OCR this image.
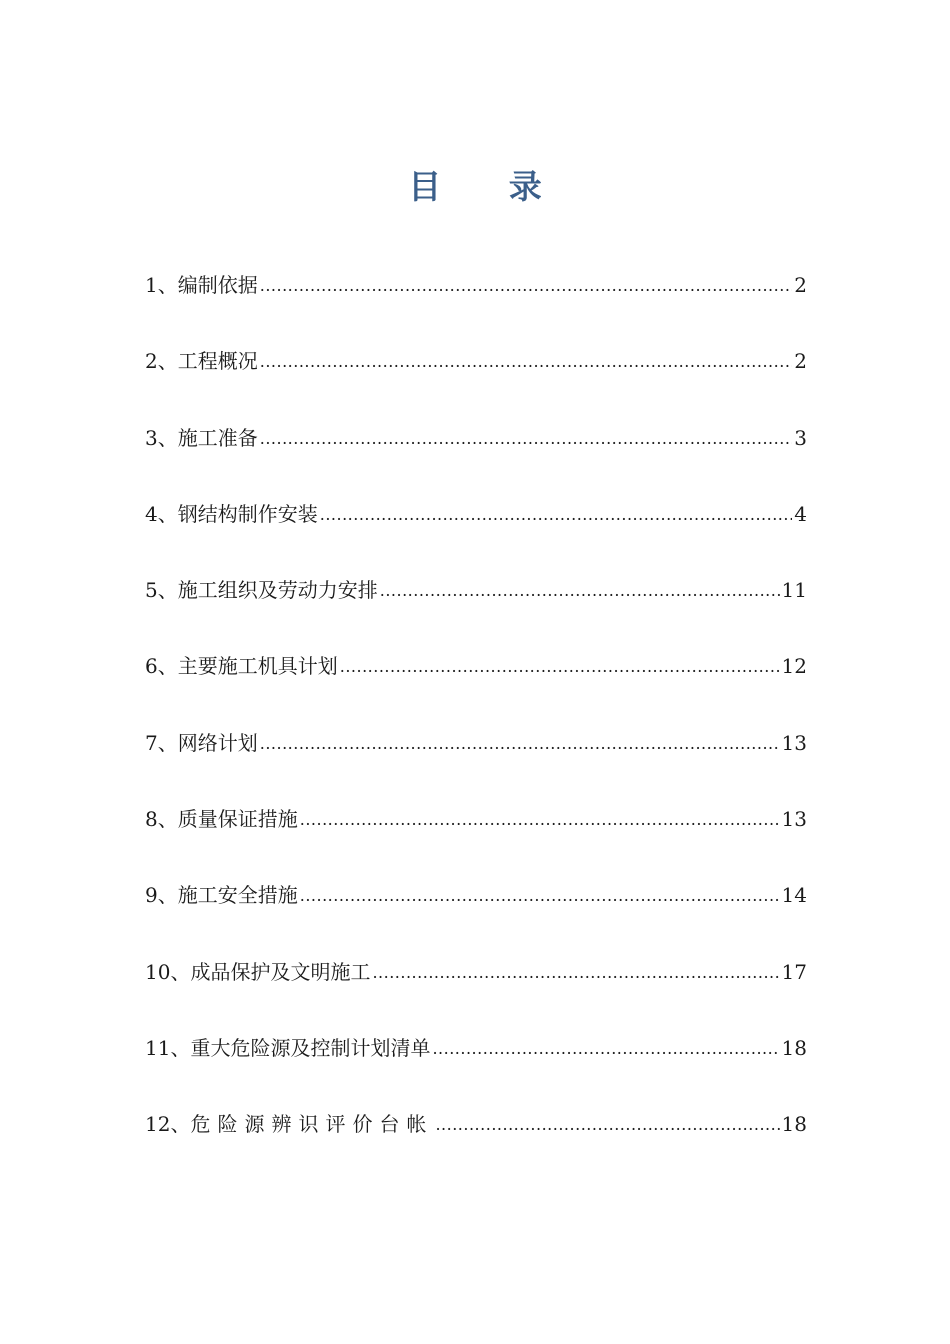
目 录
1、 编制依据 .....	2
2、 工程概况 .....	2
3、 施工准备 .....	3
4、 钢结构制作安装 .....	4
5、 施工组织及劳动力安排 .....	11
6、 主要施工机具计划 .....	12
7、 网络计划 .....	13
8、 质量保证措施 .....	13
9、 施工安全措施 .....	14
10、 成品保护及文明施工 .....	17
11、 重大危险源及控制计划清单 .....	18
12、 危险源辨识评价台帐 .....	18
